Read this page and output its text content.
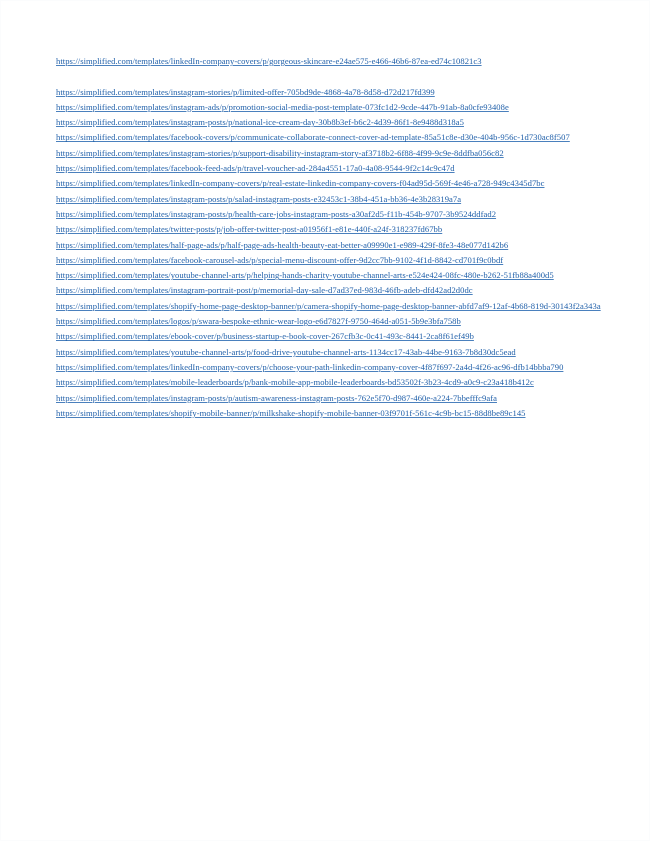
https://simplified.com/templates/linkedIn-company-covers/p/gorgeous-skincare-e24ae575-e466-46b6-87ea-ed74c10821c3

https://simplified.com/templates/instagram-stories/p/limited-offer-705bd9de-4868-4a78-8d58-d72d217fd399

https://simplified.com/templates/instagram-ads/p/promotion-social-media-post-template-073fc1d2-9cde-447b-91ab-8a0cfe93408e

https://simplified.com/templates/instagram-posts/p/national-ice-cream-day-30b8b3ef-b6c2-4d39-86f1-8e9488d318a5

https://simplified.com/templates/facebook-covers/p/communicate-collaborate-connect-cover-ad-template-85a51c8e-d30e-404b-956c-1d730ac8f507

https://simplified.com/templates/instagram-stories/p/support-disability-instagram-story-af3718b2-6f88-4f99-9c9e-8ddfba056c82

https://simplified.com/templates/facebook-feed-ads/p/travel-voucher-ad-284a4551-17a0-4a08-9544-9f2c14c9c47d

https://simplified.com/templates/linkedIn-company-covers/p/real-estate-linkedin-company-covers-f04ad95d-569f-4e46-a728-949c4345d7bc

https://simplified.com/templates/instagram-posts/p/salad-instagram-posts-e32453c1-38b4-451a-bb36-4e3b28319a7a

https://simplified.com/templates/instagram-posts/p/health-care-jobs-instagram-posts-a30af2d5-f11b-454b-9707-3b9524ddfad2

https://simplified.com/templates/twitter-posts/p/job-offer-twitter-post-a01956f1-e81e-440f-a24f-318237fd67bb

https://simplified.com/templates/half-page-ads/p/half-page-ads-health-beauty-eat-better-a09990e1-e989-429f-8fe3-48e077d142b6

https://simplified.com/templates/facebook-carousel-ads/p/special-menu-discount-offer-9d2cc7bb-9102-4f1d-8842-cd701f9c0bdf

https://simplified.com/templates/youtube-channel-arts/p/helping-hands-charity-youtube-channel-arts-e524e424-08fc-480e-b262-51fb88a400d5

https://simplified.com/templates/instagram-portrait-post/p/memorial-day-sale-d7ad37ed-983d-46fb-adeb-dfd42ad2d0dc

https://simplified.com/templates/shopify-home-page-desktop-banner/p/camera-shopify-home-page-desktop-banner-abfd7af9-12af-4b68-819d-30143f2a343a

https://simplified.com/templates/logos/p/swara-bespoke-ethnic-wear-logo-e6d7827f-9750-464d-a051-5b9e3bfa758b

https://simplified.com/templates/ebook-cover/p/business-startup-e-book-cover-267cfb3c-0c41-493c-8441-2ca8f61ef49b

https://simplified.com/templates/youtube-channel-arts/p/food-drive-youtube-channel-arts-1134cc17-43ab-44be-9163-7b8d30dc5ead

https://simplified.com/templates/linkedIn-company-covers/p/choose-your-path-linkedin-company-cover-4f87f697-2a4d-4f26-ac96-dfb14bbba790

https://simplified.com/templates/mobile-leaderboards/p/bank-mobile-app-mobile-leaderboards-bd53502f-3b23-4cd9-a0c9-c23a418b412c

https://simplified.com/templates/instagram-posts/p/autism-awareness-instagram-posts-762e5f70-d987-460e-a224-7bbefffc9afa

https://simplified.com/templates/shopify-mobile-banner/p/milkshake-shopify-mobile-banner-03f9701f-561c-4c9b-bc15-88d8be89c145
